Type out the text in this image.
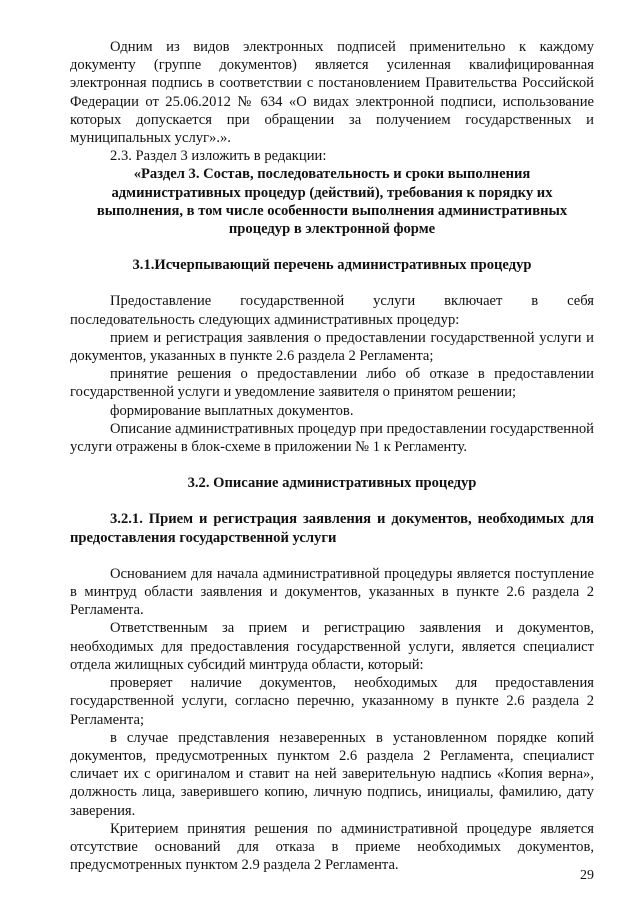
Одним из видов электронных подписей применительно к каждому документу (группе документов) является усиленная квалифицированная электронная подпись в соответствии с постановлением Правительства Российской Федерации от 25.06.2012 № 634 «О видах электронной подписи, использование которых допускается при обращении за получением государственных и муниципальных услуг».».

2.3. Раздел 3 изложить в редакции:

«Раздел 3. Состав, последовательность и сроки выполнения административных процедур (действий), требования к порядку их выполнения, в том числе особенности выполнения административных процедур в электронной форме

3.1.Исчерпывающий перечень административных процедур

Предоставление государственной услуги включает в себя последовательность следующих административных процедур:

прием и регистрация заявления о предоставлении государственной услуги и документов, указанных в пункте 2.6 раздела 2 Регламента;

принятие решения о предоставлении либо об отказе в предоставлении государственной услуги и уведомление заявителя о принятом решении;

формирование выплатных документов.

Описание административных процедур при предоставлении государственной услуги отражены в блок-схеме в приложении № 1 к Регламенту.

3.2. Описание административных процедур

3.2.1. Прием и регистрация заявления и документов, необходимых для предоставления государственной услуги

Основанием для начала административной процедуры является поступление в минтруд области заявления и документов, указанных в пункте 2.6 раздела 2 Регламента.

Ответственным за прием и регистрацию заявления и документов, необходимых для предоставления государственной услуги, является специалист отдела жилищных субсидий минтруда области, который:

проверяет наличие документов, необходимых для предоставления государственной услуги, согласно перечню, указанному в пункте 2.6 раздела 2 Регламента;

в случае представления незаверенных в установленном порядке копий документов, предусмотренных пунктом 2.6 раздела 2 Регламента, специалист сличает их с оригиналом и ставит на ней заверительную надпись «Копия верна», должность лица, заверившего копию, личную подпись, инициалы, фамилию, дату заверения.

Критерием принятия решения по административной процедуре является отсутствие оснований для отказа в приеме необходимых документов, предусмотренных пунктом 2.9 раздела 2 Регламента.

29
